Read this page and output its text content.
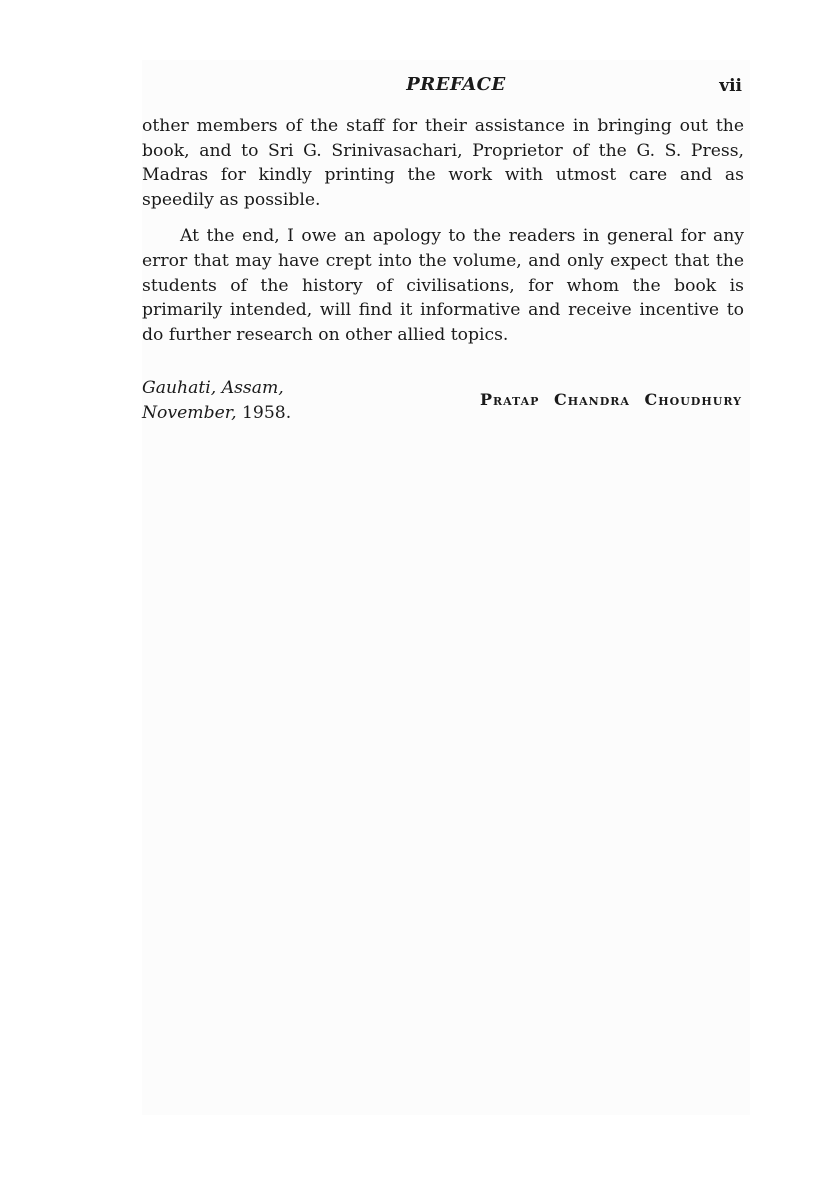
PREFACE	vii

other members of the staff for their assistance in bringing out the book, and to Sri G. Srinivasachari, Proprietor of the G. S. Press, Madras for kindly printing the work with utmost care and as speedily as possible.

At the end, I owe an apology to the readers in general for any error that may have crept into the volume, and only expect that the students of the history of civilisations, for whom the book is primarily intended, will find it informative and receive incentive to do further research on other allied topics.

Gauhati, Assam,
November, 1958.
Pratap Chandra Choudhury
